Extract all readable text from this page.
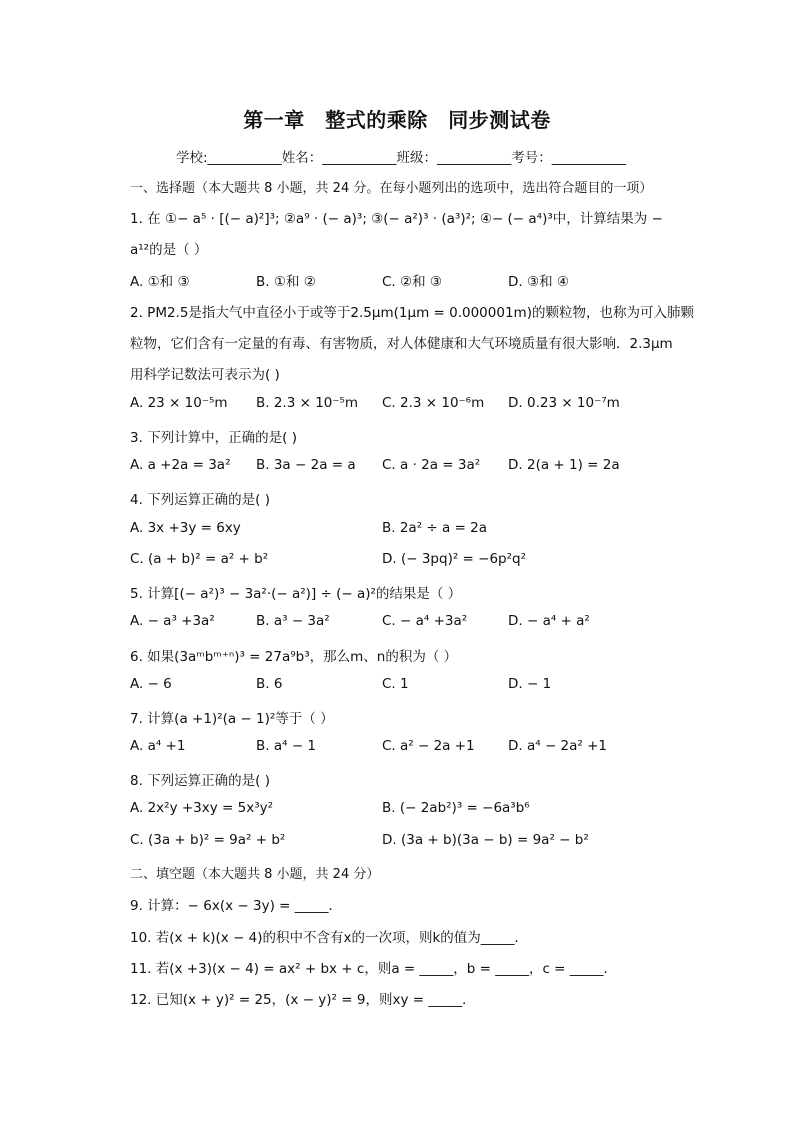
第一章　整式的乘除　同步测试卷
学校:___________姓名：___________班级：___________考号：___________
一、选择题（本大题共 8 小题，共 24 分。在每小题列出的选项中，选出符合题目的一项）
1. 在 ①− a⁵ · [(− a)²]³; ②a⁹ · (− a)³; ③(− a²)³ · (a³)²; ④− (− a⁴)³中，计算结果为 −
a¹²的是（ ）
A. ①和 ③	B. ①和 ②	C. ②和 ③	D. ③和 ④
2. PM2.5是指大气中直径小于或等于2.5μm(1μm = 0.000001m)的颗粒物，也称为可入肺颗
粒物，它们含有一定量的有毒、有害物质，对人体健康和大气环境质量有很大影响．2.3μm
用科学记数法可表示为( )
A. 23 × 10⁻⁵m B. 2.3 × 10⁻⁵m C. 2.3 × 10⁻⁶m D. 0.23 × 10⁻⁷m
3. 下列计算中，正确的是( )
A. a +2a = 3a² B. 3a − 2a = a C. a · 2a = 3a² D. 2(a + 1) = 2a
4. 下列运算正确的是( )
A. 3x +3y = 6xy	B. 2a² ÷ a = 2a
C. (a + b)² = a² + b²	D. (− 3pq)² = −6p²q²
5. 计算[(− a²)³ − 3a²·(− a²)] ÷ (− a)²的结果是（ ）
A. − a³ +3a²	B. a³ − 3a²	C. − a⁴ +3a²	D. − a⁴ + a²
6. 如果(3aᵐbᵐ⁺ⁿ)³ = 27a⁹b³，那么m、n的积为（ ）
A. − 6	B. 6	C. 1	D. − 1
7. 计算(a +1)²(a − 1)²等于（ ）
A. a⁴ +1	B. a⁴ − 1	C. a² − 2a +1 D. a⁴ − 2a² +1
8. 下列运算正确的是( )
A. 2x²y +3xy = 5x³y²	B. (− 2ab²)³ = −6a³b⁶
C. (3a + b)² = 9a² + b²	D. (3a + b)(3a − b) = 9a² − b²
二、填空题（本大题共 8 小题，共 24 分）
9. 计算：− 6x(x − 3y) = _____．
10. 若(x + k)(x − 4)的积中不含有x的一次项，则k的值为_____．
11. 若(x +3)(x − 4) = ax² + bx + c，则a = _____，b = _____，c = _____．
12. 已知(x + y)² = 25，(x − y)² = 9，则xy = _____．
